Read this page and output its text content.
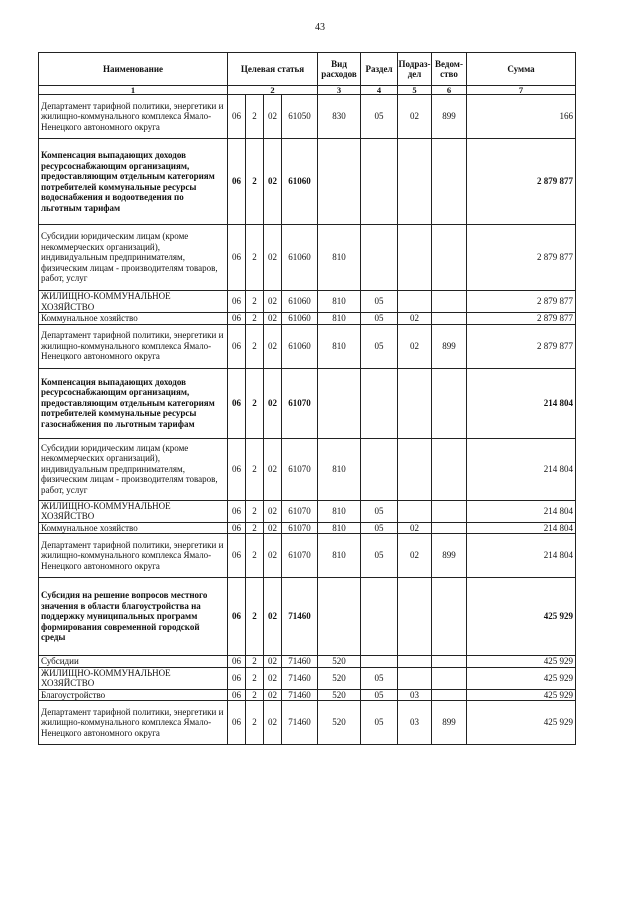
43
Наименование	Целевая статья				Вид расходов	Раздел	Подраз-дел	Ведом-ство	Сумма
1	2				3	4	5	6	7
Департамент тарифной политики, энергетики и жилищно-коммунального комплекса Ямало-Ненецкого автономного округа	06	2	02	61050	830	05	02	899	166
Компенсация выпадающих доходов ресурсоснабжающим организациям, предоставляющим отдельным категориям потребителей коммунальные ресурсы водоснабжения и водоотведения по льготным тарифам	06	2	02	61060					2 879 877
Субсидии юридическим лицам (кроме некоммерческих организаций), индивидуальным предпринимателям, физическим лицам - производителям товаров, работ, услуг	06	2	02	61060	810				2 879 877
ЖИЛИЩНО-КОММУНАЛЬНОЕ ХОЗЯЙСТВО	06	2	02	61060	810	05			2 879 877
Коммунальное хозяйство	06	2	02	61060	810	05	02		2 879 877
Департамент тарифной политики, энергетики и жилищно-коммунального комплекса Ямало-Ненецкого автономного округа	06	2	02	61060	810	05	02	899	2 879 877
Компенсация выпадающих доходов ресурсоснабжающим организациям, предоставляющим отдельным категориям потребителей коммунальные ресурсы газоснабжения по льготным тарифам	06	2	02	61070					214 804
Субсидии юридическим лицам (кроме некоммерческих организаций), индивидуальным предпринимателям, физическим лицам - производителям товаров, работ, услуг	06	2	02	61070	810				214 804
ЖИЛИЩНО-КОММУНАЛЬНОЕ ХОЗЯЙСТВО	06	2	02	61070	810	05			214 804
Коммунальное хозяйство	06	2	02	61070	810	05	02		214 804
Департамент тарифной политики, энергетики и жилищно-коммунального комплекса Ямало-Ненецкого автономного округа	06	2	02	61070	810	05	02	899	214 804
Субсидия на решение вопросов местного значения в области благоустройства на поддержку муниципальных программ формирования современной городской среды	06	2	02	71460					425 929
Субсидии	06	2	02	71460	520				425 929
ЖИЛИЩНО-КОММУНАЛЬНОЕ ХОЗЯЙСТВО	06	2	02	71460	520	05			425 929
Благоустройство	06	2	02	71460	520	05	03		425 929
Департамент тарифной политики, энергетики и жилищно-коммунального комплекса Ямало-Ненецкого автономного округа	06	2	02	71460	520	05	03	899	425 929
